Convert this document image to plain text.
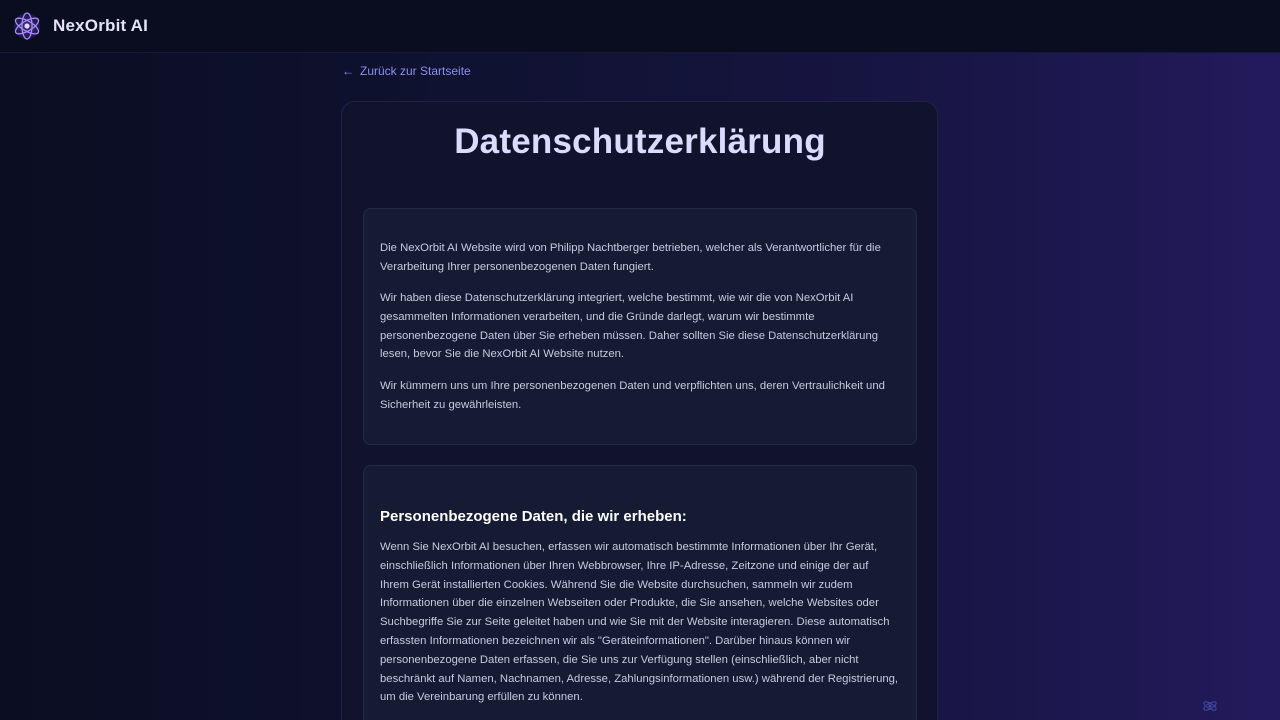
NexOrbit AI
← Zurück zur Startseite
Datenschutzerklärung

Die NexOrbit AI Website wird von Philipp Nachtberger betrieben, welcher als Verantwortlicher für die Verarbeitung Ihrer personenbezogenen Daten fungiert.

Wir haben diese Datenschutzerklärung integriert, welche bestimmt, wie wir die von NexOrbit AI gesammelten Informationen verarbeiten, und die Gründe darlegt, warum wir bestimmte personenbezogene Daten über Sie erheben müssen. Daher sollten Sie diese Datenschutzerklärung lesen, bevor Sie die NexOrbit AI Website nutzen.

Wir kümmern uns um Ihre personenbezogenen Daten und verpflichten uns, deren Vertraulichkeit und Sicherheit zu gewährleisten.

Personenbezogene Daten, die wir erheben:

Wenn Sie NexOrbit AI besuchen, erfassen wir automatisch bestimmte Informationen über Ihr Gerät, einschließlich Informationen über Ihren Webbrowser, Ihre IP-Adresse, Zeitzone und einige der auf Ihrem Gerät installierten Cookies. Während Sie die Website durchsuchen, sammeln wir zudem Informationen über die einzelnen Webseiten oder Produkte, die Sie ansehen, welche Websites oder Suchbegriffe Sie zur Seite geleitet haben und wie Sie mit der Website interagieren. Diese automatisch erfassten Informationen bezeichnen wir als "Geräteinformationen". Darüber hinaus können wir personenbezogene Daten erfassen, die Sie uns zur Verfügung stellen (einschließlich, aber nicht beschränkt auf Namen, Nachnamen, Adresse, Zahlungsinformationen usw.) während der Registrierung, um die Vereinbarung erfüllen zu können.
